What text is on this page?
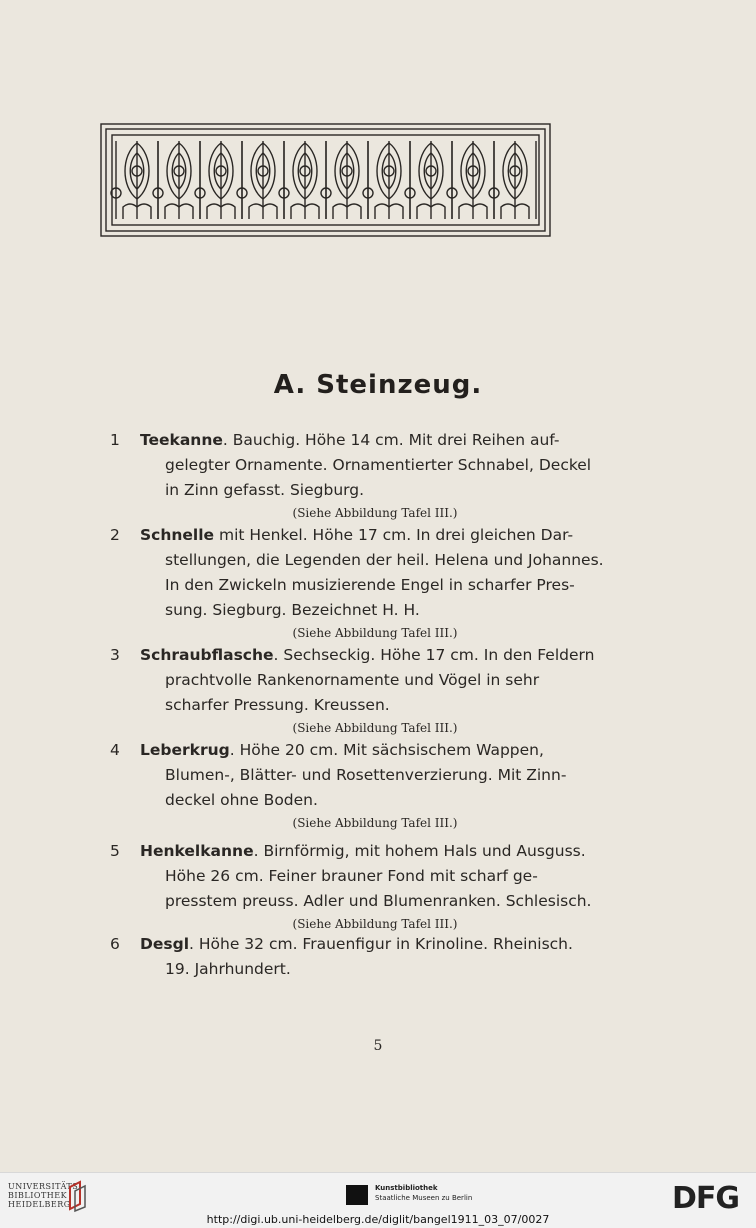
A. Steinzeug.
1 Teekanne. Bauchig. Höhe 14 cm. Mit drei Reihen auf-
gelegter Ornamente. Ornamentierter Schnabel, Deckel
in Zinn gefasst. Siegburg.
(Siehe Abbildung Tafel III.)
2 Schnelle mit Henkel. Höhe 17 cm. In drei gleichen Dar-
stellungen, die Legenden der heil. Helena und Johannes.
In den Zwickeln musizierende Engel in scharfer Pres-
sung. Siegburg. Bezeichnet H. H.
(Siehe Abbildung Tafel III.)
3 Schraubflasche. Sechseckig. Höhe 17 cm. In den Feldern
prachtvolle Rankenornamente und Vögel in sehr
scharfer Pressung. Kreussen.
(Siehe Abbildung Tafel III.)
4 Leberkrug. Höhe 20 cm. Mit sächsischem Wappen,
Blumen-, Blätter- und Rosettenverzierung. Mit Zinn-
deckel ohne Boden.
(Siehe Abbildung Tafel III.)
5 Henkelkanne. Birnförmig, mit hohem Hals und Ausguss.
Höhe 26 cm. Feiner brauner Fond mit scharf ge-
presstem preuss. Adler und Blumenranken. Schlesisch.
(Siehe Abbildung Tafel III.)
6 Desgl. Höhe 32 cm. Frauenfigur in Krinoline. Rheinisch.
19. Jahrhundert.
5
UNIVERSITÄTS-
BIBLIOTHEK
HEIDELBERG
Kunstbibliothek
Staatliche Museen zu Berlin	DFG
http://digi.ub.uni-heidelberg.de/diglit/bangel1911_03_07/0027
